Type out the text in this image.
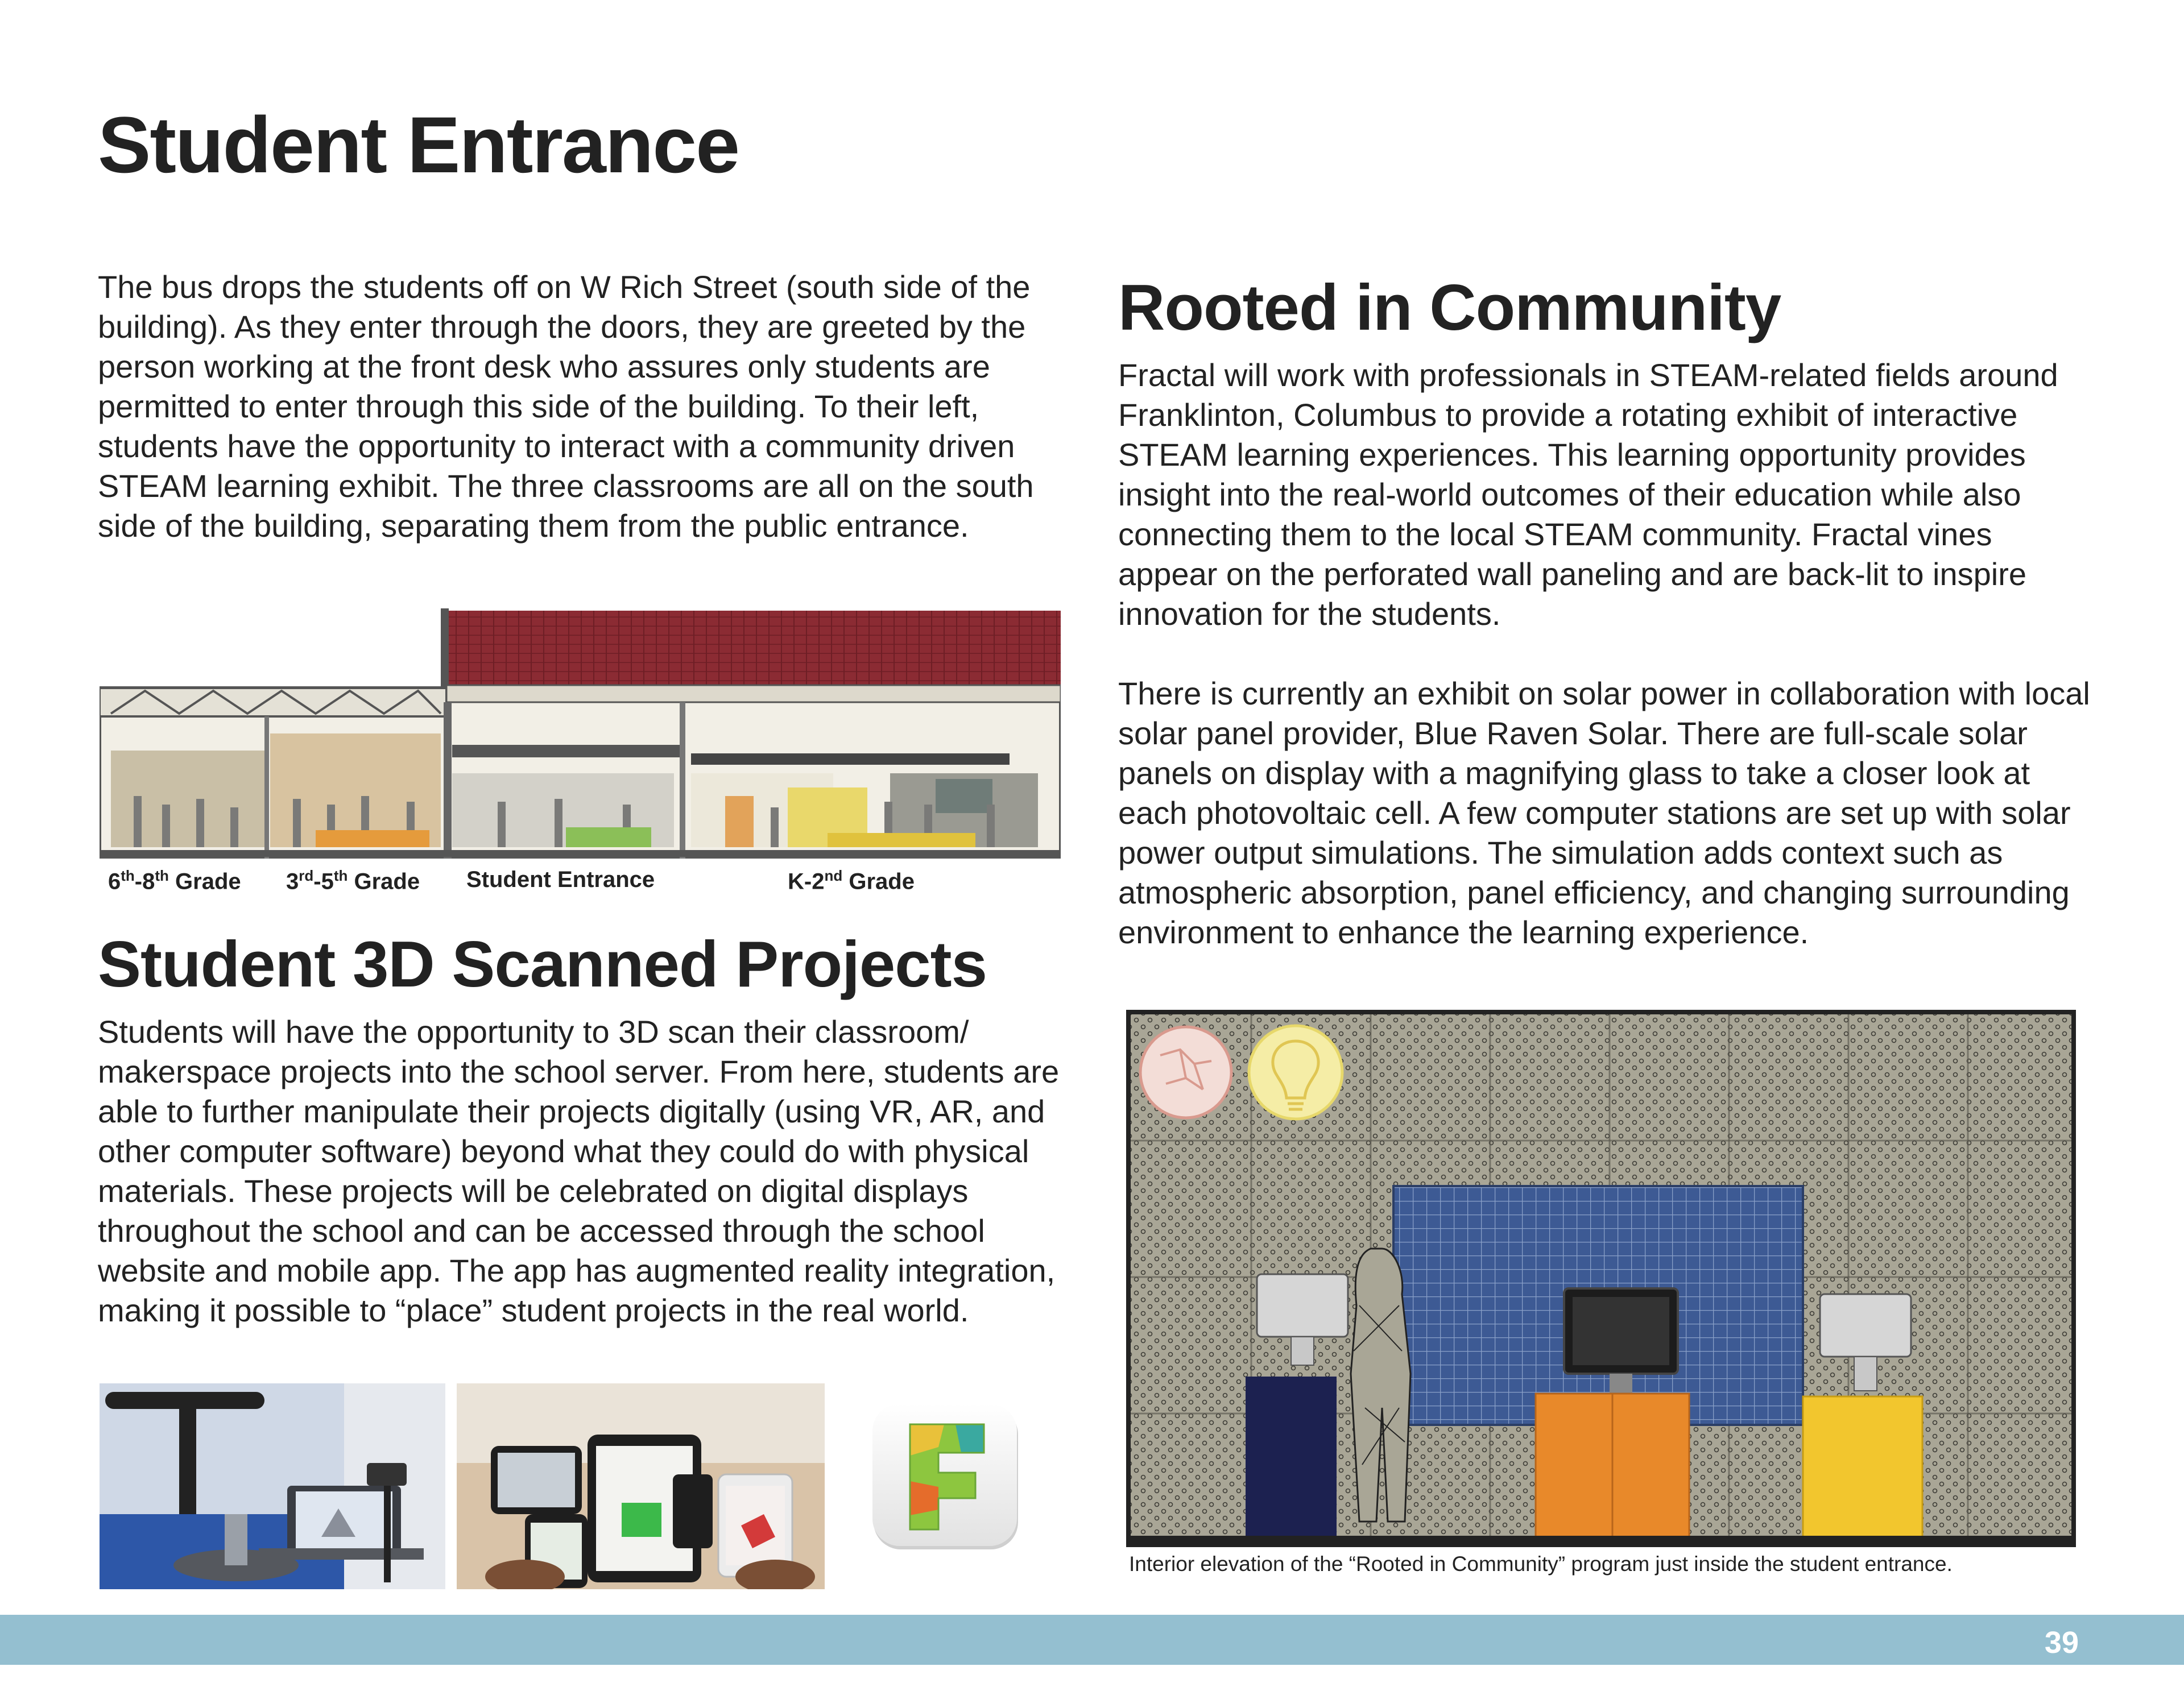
Student Entrance

The bus drops the students off on W Rich Street (south side of the building). As they enter through the doors, they are greeted by the person working at the front desk who assures only students are permitted to enter through this side of the building. To their left, students have the opportunity to interact with a community driven STEAM learning exhibit. The three classrooms are all on the south side of the building, separating them from the public entrance.

6th-8th Grade 3rd-5th Grade Student Entrance	K-2nd Grade
Student 3D Scanned Projects

Students will have the opportunity to 3D scan their classroom/ makerspace projects into the school server. From here, students are able to further manipulate their projects digitally (using VR, AR, and other computer software) beyond what they could do with physical materials. These projects will be celebrated on digital displays throughout the school and can be accessed through the school website and mobile app. The app has augmented reality integration, making it possible to “place” student projects in the real world.

Rooted in Community

Fractal will work with professionals in STEAM-related fields around Franklinton, Columbus to provide a rotating exhibit of interactive STEAM learning experiences. This learning opportunity provides insight into the real-world outcomes of their education while also connecting them to the local STEAM community. Fractal vines appear on the perforated wall paneling and are back-lit to inspire innovation for the students.

There is currently an exhibit on solar power in collaboration with local solar panel provider, Blue Raven Solar. There are full-scale solar panels on display with a magnifying glass to take a closer look at each photovoltaic cell. A few computer stations are set up with solar power output simulations. The simulation adds context such as atmospheric absorption, panel efficiency, and changing surrounding environment to enhance the learning experience.

Interior elevation of the “Rooted in Community” program just inside the student entrance.
39
